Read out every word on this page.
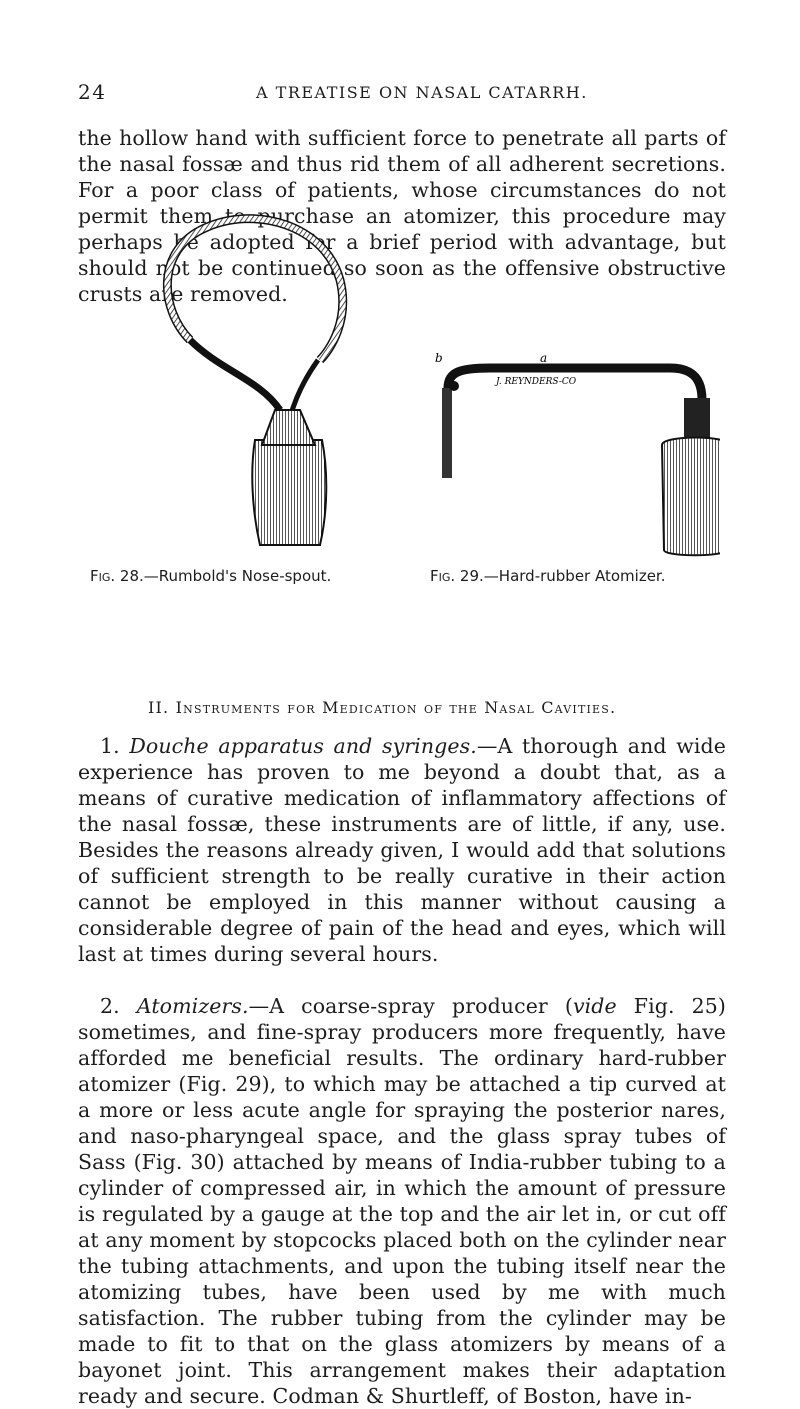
24	A TREATISE ON NASAL CATARRH.

the hollow hand with sufficient force to penetrate all parts of the nasal fossæ and thus rid them of all adherent secretions. For a poor class of patients, whose circumstances do not permit them to purchase an atomizer, this procedure may perhaps be adopted for a brief period with advantage, but should not be continued so soon as the offensive obstructive crusts are removed.

b	a
J. REYNDERS-CO
Fig. 28.—Rumbold's Nose-spout.	Fig. 29.—Hard-rubber Atomizer.
II. Instruments for Medication of the Nasal Cavities.

1. Douche apparatus and syringes.—A thorough and wide experience has proven to me beyond a doubt that, as a means of curative medication of inflammatory affections of the nasal fossæ, these instruments are of little, if any, use. Besides the reasons already given, I would add that solutions of sufficient strength to be really curative in their action cannot be employed in this manner without causing a considerable degree of pain of the head and eyes, which will last at times during several hours.

2. Atomizers.—A coarse-spray producer (vide Fig. 25) sometimes, and fine-spray producers more frequently, have afforded me beneficial results. The ordinary hard-rubber atomizer (Fig. 29), to which may be attached a tip curved at a more or less acute angle for spraying the posterior nares, and naso-pharyngeal space, and the glass spray tubes of Sass (Fig. 30) attached by means of India-rubber tubing to a cylinder of compressed air, in which the amount of pressure is regulated by a gauge at the top and the air let in, or cut off at any moment by stopcocks placed both on the cylinder near the tubing attachments, and upon the tubing itself near the atomizing tubes, have been used by me with much satisfaction. The rubber tubing from the cylinder may be made to fit to that on the glass atomizers by means of a bayonet joint. This arrangement makes their adaptation ready and secure. Codman & Shurtleff, of Boston, have in-
